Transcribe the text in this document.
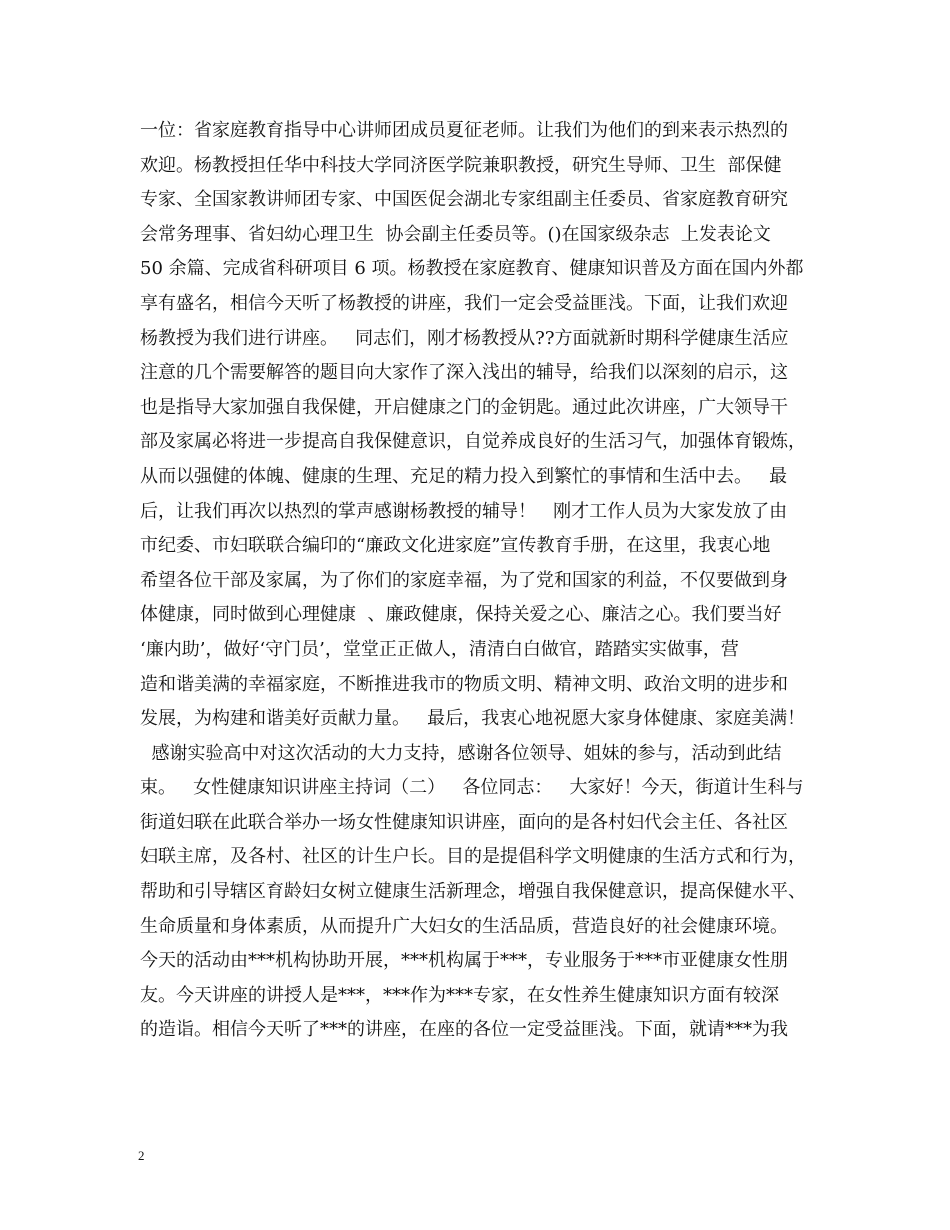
一位：省家庭教育指导中心讲师团成员夏征老师。让我们为他们的到来表示热烈的
欢迎。杨教授担任华中科技大学同济医学院兼职教授，研究生导师、卫生  部保健
专家、全国家教讲师团专家、中国医促会湖北专家组副主任委员、省家庭教育研究
会常务理事、省妇幼心理卫生  协会副主任委员等。()在国家级杂志  上发表论文
50 余篇、完成省科研项目 6 项。杨教授在家庭教育、健康知识普及方面在国内外都
享有盛名，相信今天听了杨教授的讲座，我们一定会受益匪浅。下面，让我们欢迎
杨教授为我们进行讲座。   同志们，刚才杨教授从??方面就新时期科学健康生活应
注意的几个需要解答的题目向大家作了深入浅出的辅导，给我们以深刻的启示，这
也是指导大家加强自我保健，开启健康之门的金钥匙。通过此次讲座，广大领导干
部及家属必将进一步提高自我保健意识，自觉养成良好的生活习气，加强体育锻炼，
从而以强健的体魄、健康的生理、充足的精力投入到繁忙的事情和生活中去。   最
后，让我们再次以热烈的掌声感谢杨教授的辅导！   刚才工作人员为大家发放了由
市纪委、市妇联联合编印的“廉政文化进家庭”宣传教育手册，在这里，我衷心地
希望各位干部及家属，为了你们的家庭幸福，为了党和国家的利益，不仅要做到身
体健康，同时做到心理健康  、廉政健康，保持关爱之心、廉洁之心。我们要当好
‘廉内助’，做好‘守门员’，堂堂正正做人，清清白白做官，踏踏实实做事，营
造和谐美满的幸福家庭，不断推进我市的物质文明、精神文明、政治文明的进步和
发展，为构建和谐美好贡献力量。   最后，我衷心地祝愿大家身体健康、家庭美满！
感谢实验高中对这次活动的大力支持，感谢各位领导、姐妹的参与，活动到此结
束。   女性健康知识讲座主持词（二）   各位同志：   大家好！今天，街道计生科与
街道妇联在此联合举办一场女性健康知识讲座，面向的是各村妇代会主任、各社区
妇联主席，及各村、社区的计生户长。目的是提倡科学文明健康的生活方式和行为，
帮助和引导辖区育龄妇女树立健康生活新理念，增强自我保健意识，提高保健水平、
生命质量和身体素质，从而提升广大妇女的生活品质，营造良好的社会健康环境。
今天的活动由***机构协助开展，***机构属于***，专业服务于***市亚健康女性朋
友。今天讲座的讲授人是***，***作为***专家，在女性养生健康知识方面有较深
的造诣。相信今天听了***的讲座，在座的各位一定受益匪浅。下面，就请***为我
2
